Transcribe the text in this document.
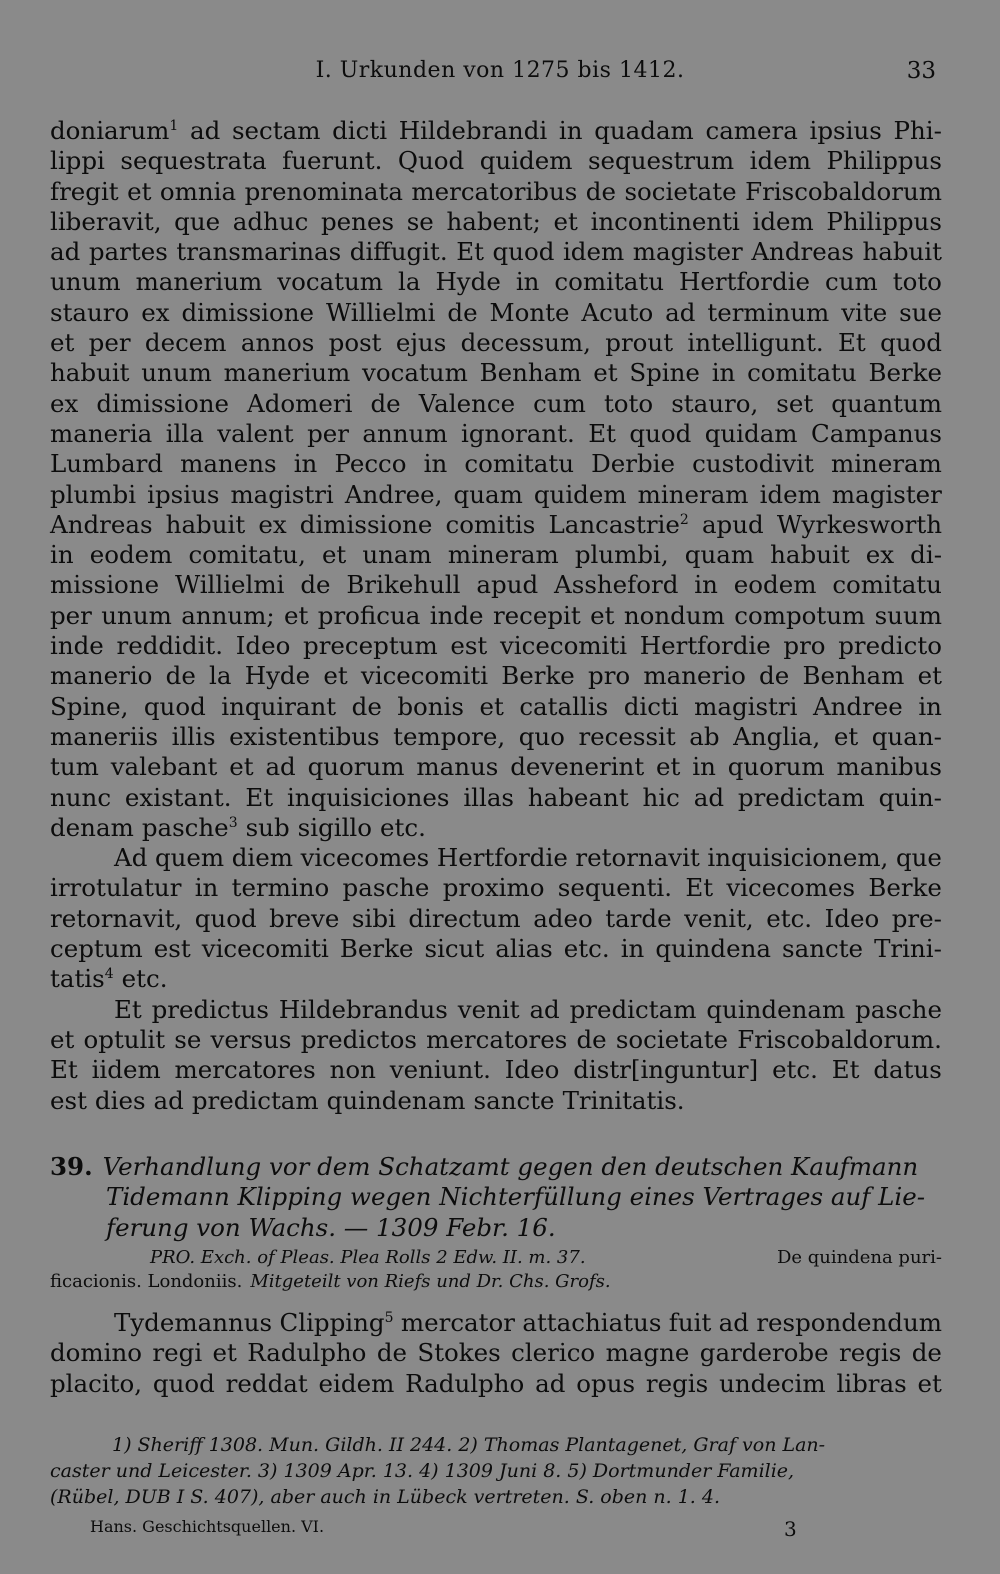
I. Urkunden von 1275 bis 1412.	33
doniarum$^1$ ad sectam dicti Hildebrandi in quadam camera ipsius Phi-
lippi sequestrata fuerunt. Quod quidem sequestrum idem Philippus
fregit et omnia prenominata mercatoribus de societate Friscobaldorum
liberavit, que adhuc penes se habent; et incontinenti idem Philippus
ad partes transmarinas diffugit. Et quod idem magister Andreas habuit
unum manerium vocatum la Hyde in comitatu Hertfordie cum toto
stauro ex dimissione Willielmi de Monte Acuto ad terminum vite sue
et per decem annos post ejus decessum, prout intelligunt. Et quod
habuit unum manerium vocatum Benham et Spine in comitatu Berke
ex dimissione Adomeri de Valence cum toto stauro, set quantum
maneria illa valent per annum ignorant. Et quod quidam Campanus
Lumbard manens in Pecco in comitatu Derbie custodivit mineram
plumbi ipsius magistri Andree, quam quidem mineram idem magister
Andreas habuit ex dimissione comitis Lancastrie$^2$ apud Wyrkesworth
in eodem comitatu, et unam mineram plumbi, quam habuit ex di-
missione Willielmi de Brikehull apud Assheford in eodem comitatu
per unum annum; et proficua inde recepit et nondum compotum suum
inde reddidit. Ideo preceptum est vicecomiti Hertfordie pro predicto
manerio de la Hyde et vicecomiti Berke pro manerio de Benham et
Spine, quod inquirant de bonis et catallis dicti magistri Andree in
maneriis illis existentibus tempore, quo recessit ab Anglia, et quan-
tum valebant et ad quorum manus devenerint et in quorum manibus
nunc existant. Et inquisiciones illas habeant hic ad predictam quin-
denam pasche$^3$ sub sigillo etc.
Ad quem diem vicecomes Hertfordie retornavit inquisicionem, que
irrotulatur in termino pasche proximo sequenti. Et vicecomes Berke
retornavit, quod breve sibi directum adeo tarde venit, etc. Ideo pre-
ceptum est vicecomiti Berke sicut alias etc. in quindena sancte Trini-
tatis$^4$ etc.
Et predictus Hildebrandus venit ad predictam quindenam pasche
et optulit se versus predictos mercatores de societate Friscobaldorum.
Et iidem mercatores non veniunt. Ideo distr[inguntur] etc. Et datus
est dies ad predictam quindenam sancte Trinitatis.
39. Verhandlung vor dem Schatzamt gegen den deutschen Kaufmann
Tidemann Klipping wegen Nichterfüllung eines Vertrages auf Lie-
ferung von Wachs. — 1309 Febr. 16.
PRO. Exch. of Pleas. Plea Rolls 2 Edw. II. m. 37.	De quindena puri-
ficacionis. Londoniis. Mitgeteilt von Riefs und Dr. Chs. Grofs.
Tydemannus Clipping$^5$ mercator attachiatus fuit ad respondendum
domino regi et Radulpho de Stokes clerico magne garderobe regis de
placito, quod reddat eidem Radulpho ad opus regis undecim libras et
1) Sheriff 1308. Mun. Gildh. II 244. 2) Thomas Plantagenet, Graf von Lan-
caster und Leicester. 3) 1309 Apr. 13. 4) 1309 Juni 8. 5) Dortmunder Familie,
(Rübel, DUB I S. 407), aber auch in Lübeck vertreten. S. oben n. 1. 4.
Hans. Geschichtsquellen. VI.	3
